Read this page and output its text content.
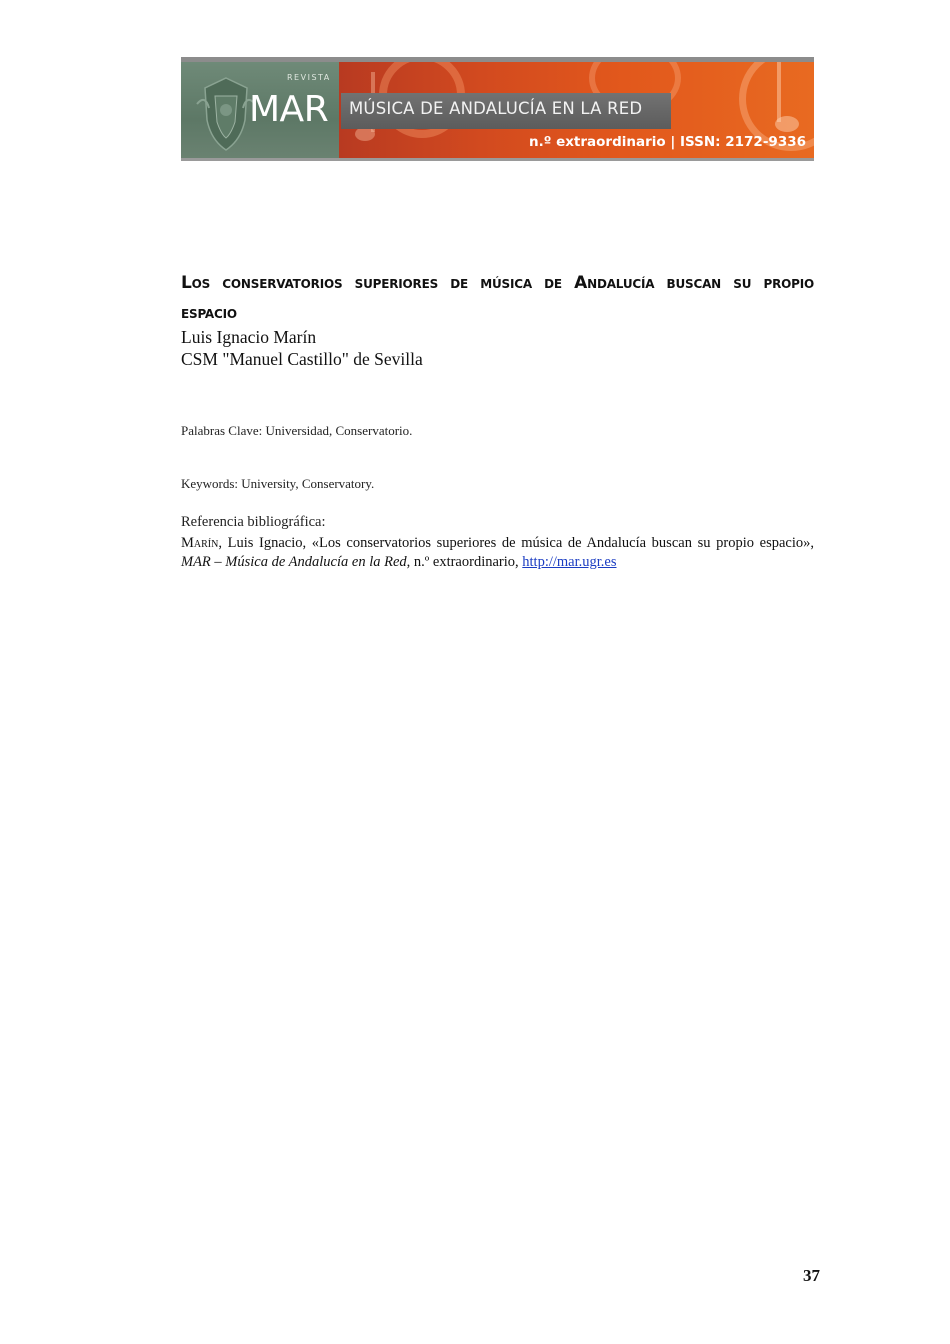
REVISTA
MAR MÚSICA DE ANDALUCÍA EN LA RED
n.º extraordinario | ISSN: 2172-9336
Los conservatorios superiores de música de Andalucía buscan su propio espacio

Luis Ignacio Marín

CSM "Manuel Castillo" de Sevilla

Palabras Clave: Universidad, Conservatorio.

Keywords: University, Conservatory.

Referencia bibliográfica:

Marín, Luis Ignacio, «Los conservatorios superiores de música de Andalucía buscan su propio espacio», MAR – Música de Andalucía en la Red, n.º extraordinario, http://mar.ugr.es

37
